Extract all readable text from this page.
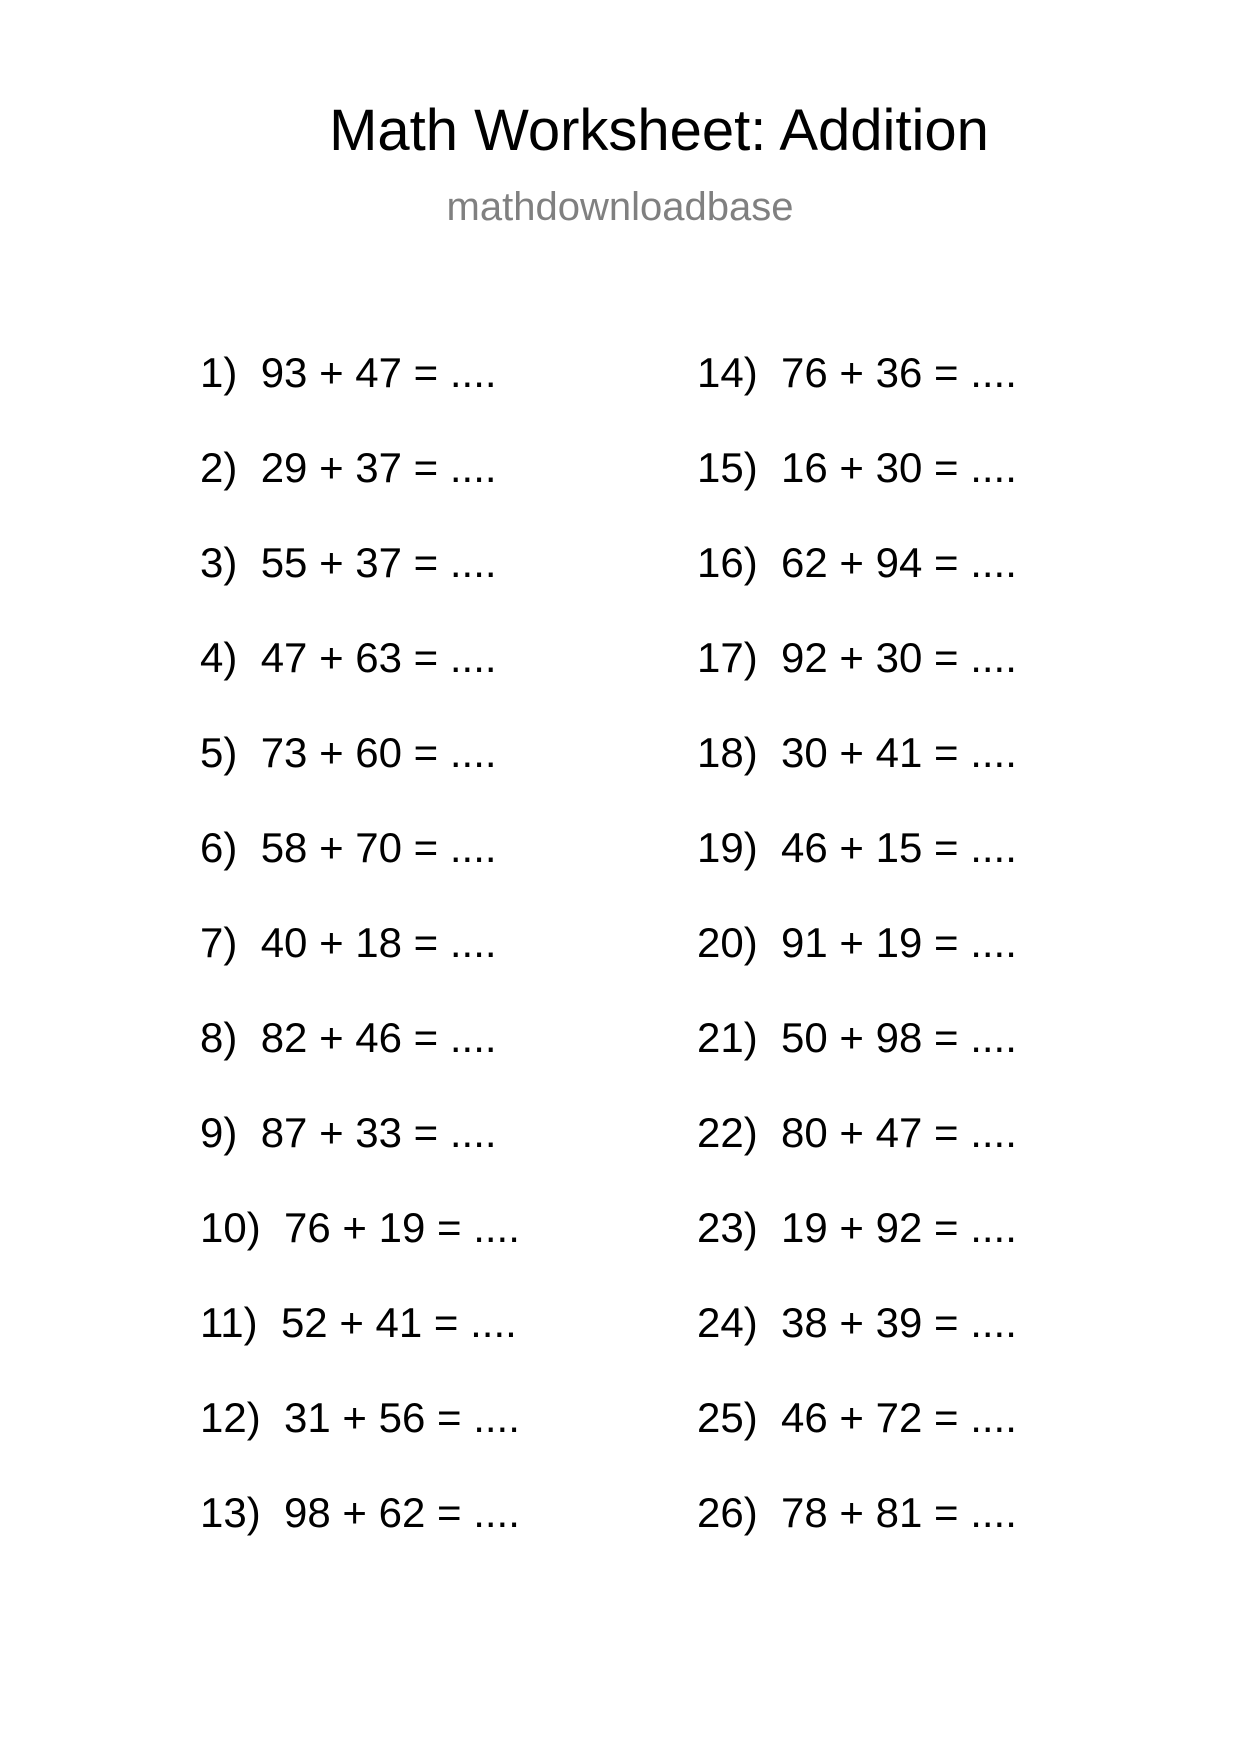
Math Worksheet: Addition
mathdownloadbase
1) 93 + 47 = ....
2) 29 + 37 = ....
3) 55 + 37 = ....
4) 47 + 63 = ....
5) 73 + 60 = ....
6) 58 + 70 = ....
7) 40 + 18 = ....
8) 82 + 46 = ....
9) 87 + 33 = ....
10) 76 + 19 = ....
11) 52 + 41 = ....
12) 31 + 56 = ....
13) 98 + 62 = ....
14) 76 + 36 = ....
15) 16 + 30 = ....
16) 62 + 94 = ....
17) 92 + 30 = ....
18) 30 + 41 = ....
19) 46 + 15 = ....
20) 91 + 19 = ....
21) 50 + 98 = ....
22) 80 + 47 = ....
23) 19 + 92 = ....
24) 38 + 39 = ....
25) 46 + 72 = ....
26) 78 + 81 = ....
